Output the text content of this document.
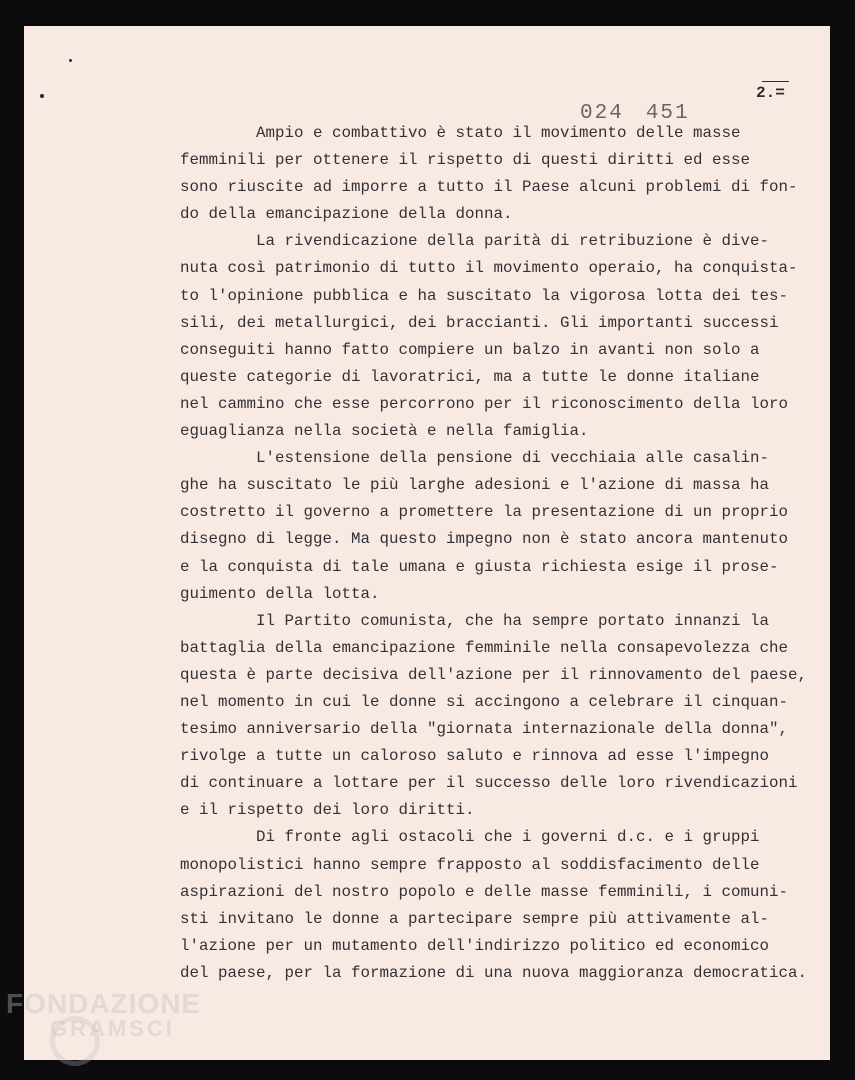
024 451
2.=
Ampio e combattivo è stato il movimento delle masse
femminili per ottenere il rispetto di questi diritti ed esse
sono riuscite ad imporre a tutto il Paese alcuni problemi di fon-
do della emancipazione della donna.
La rivendicazione della parità di retribuzione è dive-
nuta così patrimonio di tutto il movimento operaio, ha conquista-
to l'opinione pubblica e ha suscitato la vigorosa lotta dei tes-
sili, dei metallurgici, dei braccianti. Gli importanti successi
conseguiti hanno fatto compiere un balzo in avanti non solo a
queste categorie di lavoratrici, ma a tutte le donne italiane
nel cammino che esse percorrono per il riconoscimento della loro
eguaglianza nella società e nella famiglia.
L'estensione della pensione di vecchiaia alle casalin-
ghe ha suscitato le più larghe adesioni e l'azione di massa ha
costretto il governo a promettere la presentazione di un proprio
disegno di legge. Ma questo impegno non è stato ancora mantenuto
e la conquista di tale umana e giusta richiesta esige il prose-
guimento della lotta.
Il Partito comunista, che ha sempre portato innanzi la
battaglia della emancipazione femminile nella consapevolezza che
questa è parte decisiva dell'azione per il rinnovamento del paese,
nel momento in cui le donne si accingono a celebrare il cinquan-
tesimo anniversario della "giornata internazionale della donna",
rivolge a tutte un caloroso saluto e rinnova ad esse l'impegno
di continuare a lottare per il successo delle loro rivendicazioni
e il rispetto dei loro diritti.
Di fronte agli ostacoli che i governi d.c. e i gruppi
monopolistici hanno sempre frapposto al soddisfacimento delle
aspirazioni del nostro popolo e delle masse femminili, i comuni-
sti invitano le donne a partecipare sempre più attivamente al-
l'azione per un mutamento dell'indirizzo politico ed economico
del paese, per la formazione di una nuova maggioranza democratica.
FONDAZIONE
GRAMSCI
